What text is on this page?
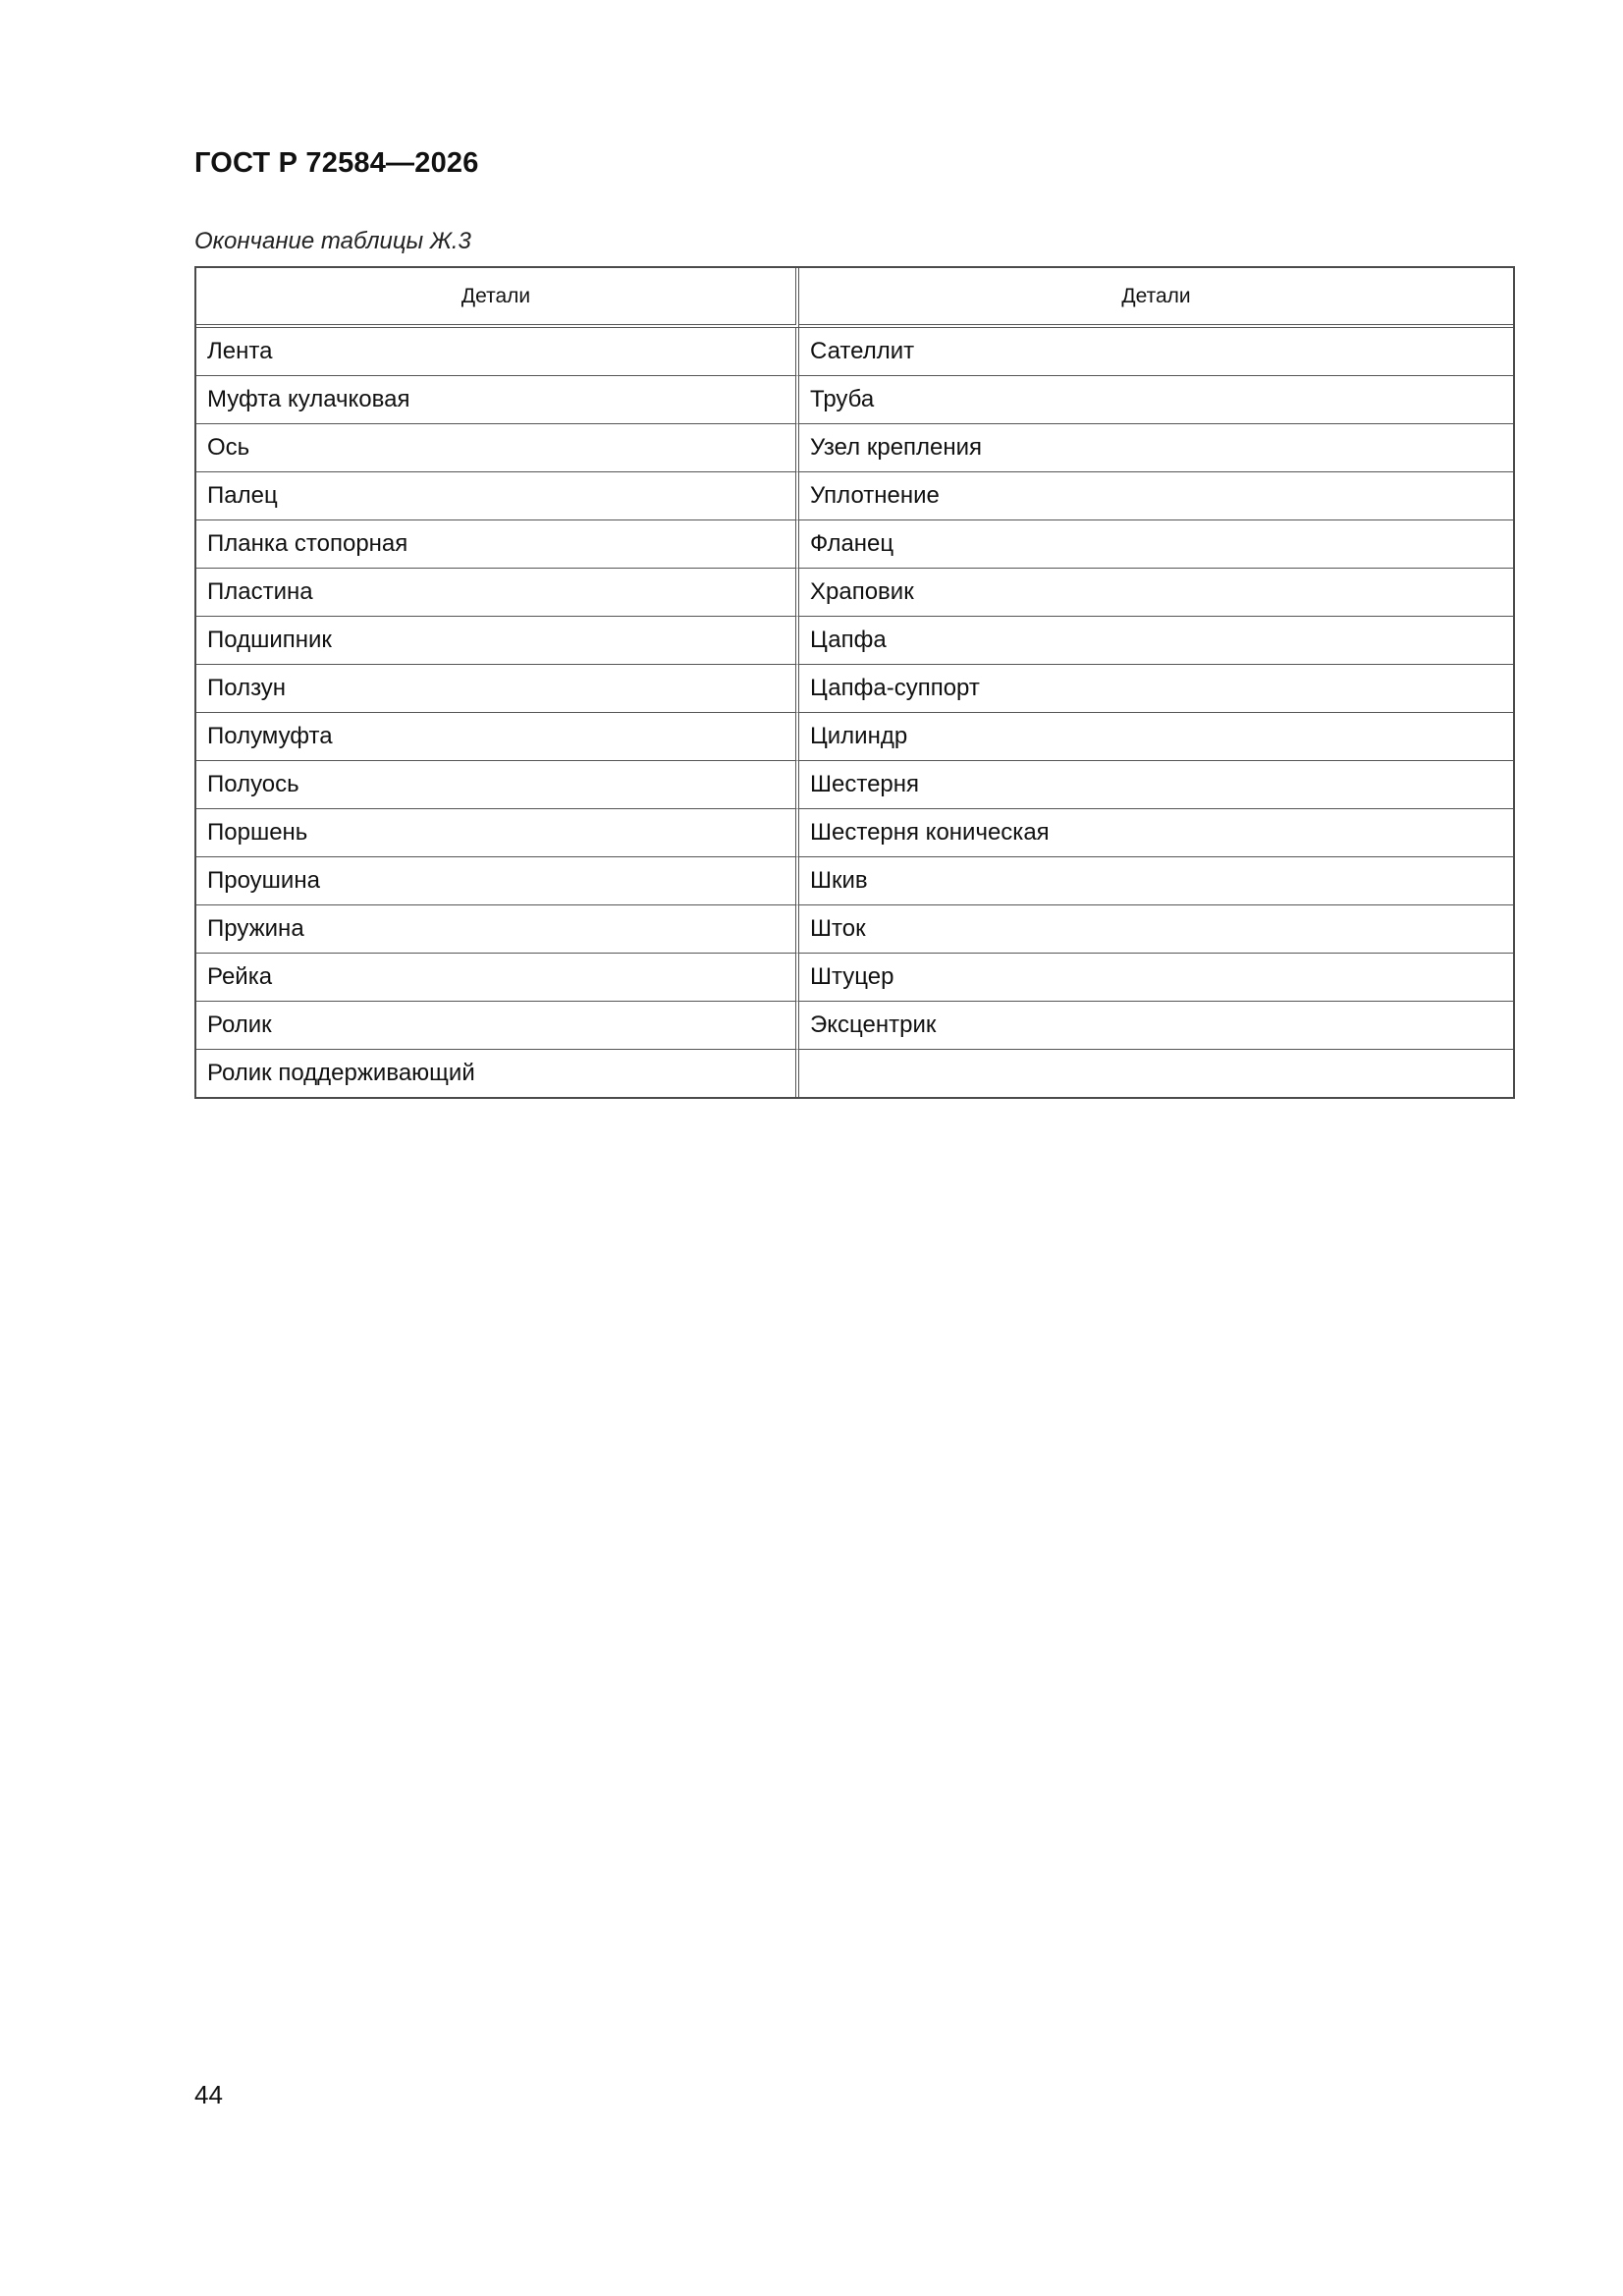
ГОСТ Р 72584—2026
Окончание таблицы Ж.3
Детали	Детали
Лента	Сателлит
Муфта кулачковая	Труба
Ось	Узел крепления
Палец	Уплотнение
Планка стопорная	Фланец
Пластина	Храповик
Подшипник	Цапфа
Ползун	Цапфа-суппорт
Полумуфта	Цилиндр
Полуось	Шестерня
Поршень	Шестерня коническая
Проушина	Шкив
Пружина	Шток
Рейка	Штуцер
Ролик	Эксцентрик
Ролик поддерживающий	
44
